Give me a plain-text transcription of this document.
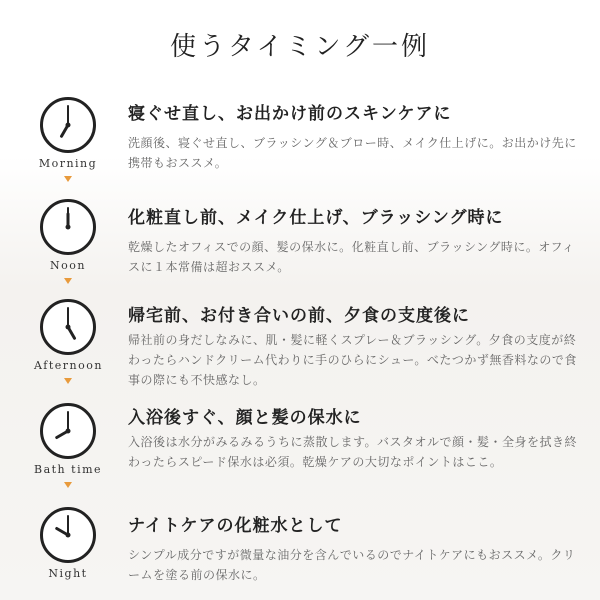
使うタイミング一例
Morning
寝ぐせ直し、お出かけ前のスキンケアに
洗顔後、寝ぐせ直し、ブラッシング＆ブロー時、メイク仕上げに。お出かけ先に携帯もおススメ。
Noon
化粧直し前、メイク仕上げ、ブラッシング時に
乾燥したオフィスでの顔、髪の保水に。化粧直し前、ブラッシング時に。オフィスに１本常備は超おススメ。
Afternoon
帰宅前、お付き合いの前、夕食の支度後に
帰社前の身だしなみに、肌・髪に軽くスプレー＆ブラッシング。夕食の支度が終わったらハンドクリーム代わりに手のひらにシュー。べたつかず無香料なので食事の際にも不快感なし。
Bath time
入浴後すぐ、顔と髪の保水に
入浴後は水分がみるみるうちに蒸散します。バスタオルで顔・髪・全身を拭き終わったらスピード保水は必須。乾燥ケアの大切なポイントはここ。
Night
ナイトケアの化粧水として
シンプル成分ですが微量な油分を含んでいるのでナイトケアにもおススメ。クリームを塗る前の保水に。
